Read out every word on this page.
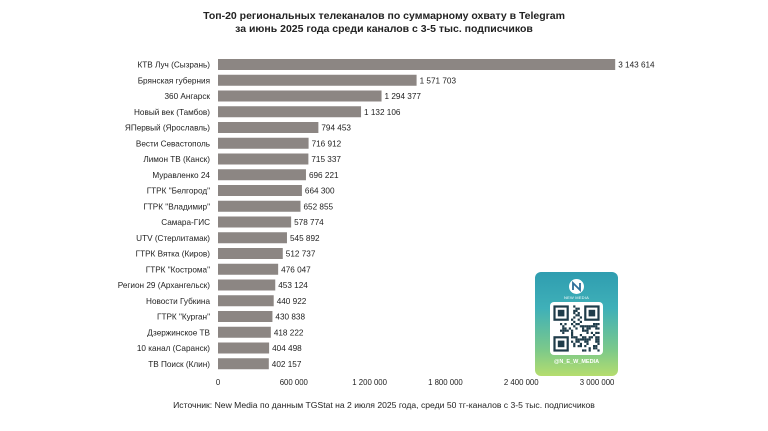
Топ-20 региональных телеканалов по суммарному охвату в Telegram
за июнь 2025 года среди каналов с 3-5 тыс. подписчиков
КТВ Луч (Сызрань)	3 143 614
Брянская губерния	1 571 703
360 Ангарск	1 294 377
Новый век (Тамбов)	1 132 106
ЯПервый (Ярославль)	794 453
Вести Севастополь	716 912
Лимон ТВ (Канск)	715 337
Муравленко 24	696 221
ГТРК "Белгород"	664 300
ГТРК "Владимир"	652 855
Самара-ГИС	578 774
UTV (Стерлитамак)	545 892
ГТРК Вятка (Киров)	512 737
ГТРК "Кострома"	476 047
Регион 29 (Архангельск)	453 124
Новости Губкина	440 922
ГТРК "Курган"	430 838
Дзержинское ТВ	418 222
10 канал (Саранск)	404 498
ТВ Поиск (Клин)	402 157
0	600 000	1 200 000	1 800 000	2 400 000	3 000 000
NEW MEDIA
@N_E_W_MEDIA
Источник: New Media по данным TGStat на 2 июля 2025 года, среди 50 тг-каналов с 3-5 тыс. подписчиков
